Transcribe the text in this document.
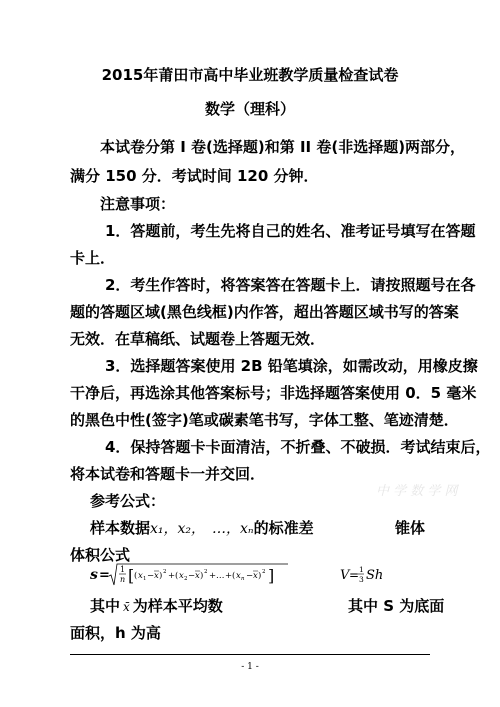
2015年莆田市高中毕业班教学质量检查试卷
数学（理科）
本试卷分第 I 卷(选择题)和第 II 卷(非选择题)两部分，
满分 150 分．考试时间 120 分钟．
注意事项：
1．答题前，考生先将自己的姓名、准考证号填写在答题
卡上．
2．考生作答时，将答案答在答题卡上．请按照题号在各
题的答题区域(黑色线框)内作答，超出答题区域书写的答案
无效．在草稿纸、试题卷上答题无效．
3．选择题答案使用 2B 铅笔填涂，如需改动，用橡皮擦
干净后，再选涂其他答案标号；非选择题答案使用 0．5 毫米
的黑色中性(签字)笔或碳素笔书写，字体工整、笔迹清楚．
4．保持答题卡卡面清洁，不折叠、不破损．考试结束后，
将本试卷和答题卡一并交回．
参考公式：
中 学 数 学 网
样本数据x₁，x₂，　…，xₙ的标准差	锥体
体积公式
s = 1
n [ ( x 1 − x ) 2 + ( x 2 − x ) 2 + … + ( x n − x ) 2 ]	V = 1
3 Sh
其中 x̄ 为样本平均数	其中 S 为底面
面积，h 为高
- 1 -
